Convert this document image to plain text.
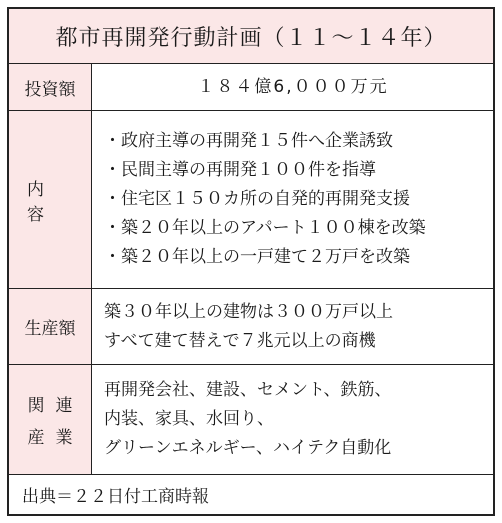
都市再開発行動計画（１１～１４年）
投資額	１８４億6,０００万元
内容
・政府主導の再開発１５件へ企業誘致
・民間主導の再開発１００件を指導
・住宅区１５０カ所の自発的再開発支援
・築２０年以上のアパート１００棟を改築
・築２０年以上の一戸建て２万戸を改築
生産額
築３０年以上の建物は３００万戸以上
すべて建て替えで７兆元以上の商機
関 連
産 業
再開発会社、建設、セメント、鉄筋、
内装、家具、水回り、
グリーンエネルギー、ハイテク自動化
出典＝２２日付工商時報
